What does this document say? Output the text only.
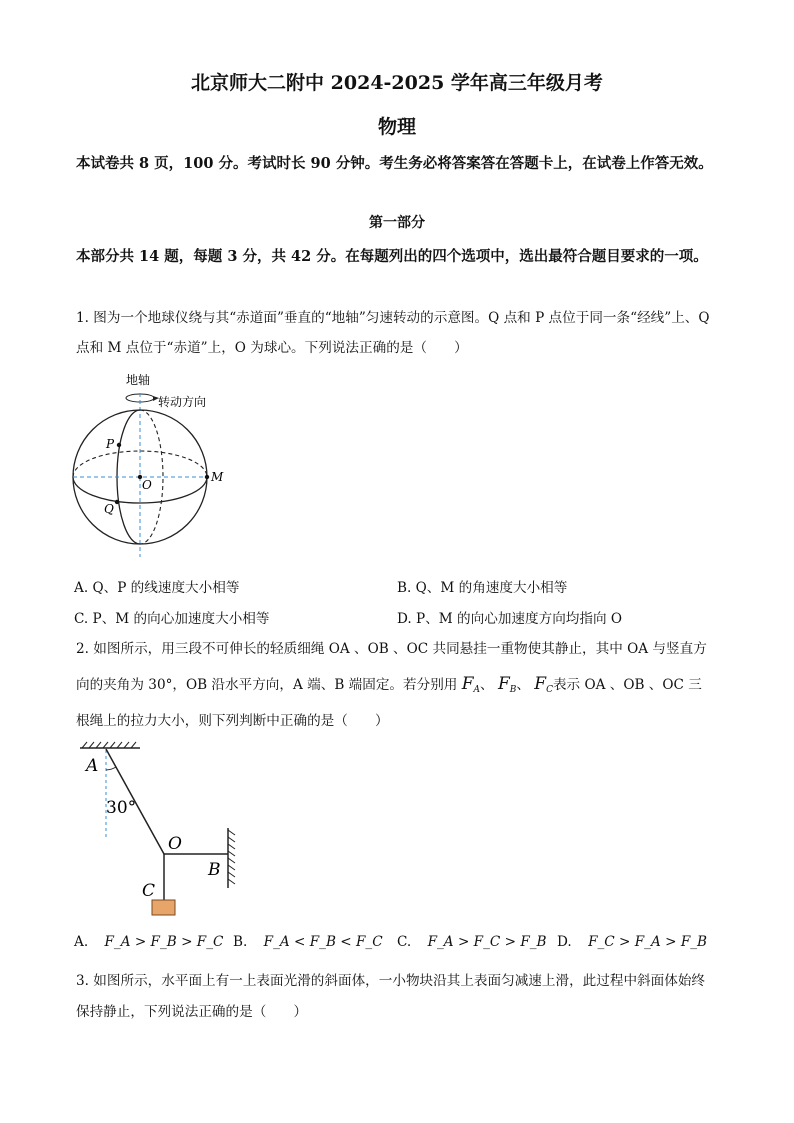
北京师大二附中 2024-2025 学年高三年级月考
物理
本试卷共 8 页，100 分。考试时长 90 分钟。考生务必将答案答在答题卡上，在试卷上作答无效。
第一部分
本部分共 14 题，每题 3 分，共 42 分。在每题列出的四个选项中，选出最符合题目要求的一项。
1. 图为一个地球仪绕与其“赤道面”垂直的“地轴”匀速转动的示意图。Q 点和 P 点位于同一条“经线”上、Q 点和 M 点位于“赤道”上，O 为球心。下列说法正确的是（　　）
地轴
转动方向
P
O
M
Q
A. Q、P 的线速度大小相等	B. Q、M 的角速度大小相等
C. P、M 的向心加速度大小相等	D. P、M 的向心加速度方向均指向 O
2. 如图所示，用三段不可伸长的轻质细绳 OA 、OB 、OC 共同悬挂一重物使其静止，其中 OA 与竖直方
向的夹角为 30°，OB 沿水平方向，A 端、B 端固定。若分别用 $F_A$、 $F_B$、 $F_C$表示 OA 、OB 、OC 三
根绳上的拉力大小，则下列判断中正确的是（　　）
A
30°
O
B
C
A. F_A > F_B > F_C B. F_A < F_B < F_C C. F_A > F_C > F_B D. F_C > F_A > F_B
3. 如图所示，水平面上有一上表面光滑的斜面体，一小物块沿其上表面匀减速上滑，此过程中斜面体始终
保持静止，下列说法正确的是（　　）
